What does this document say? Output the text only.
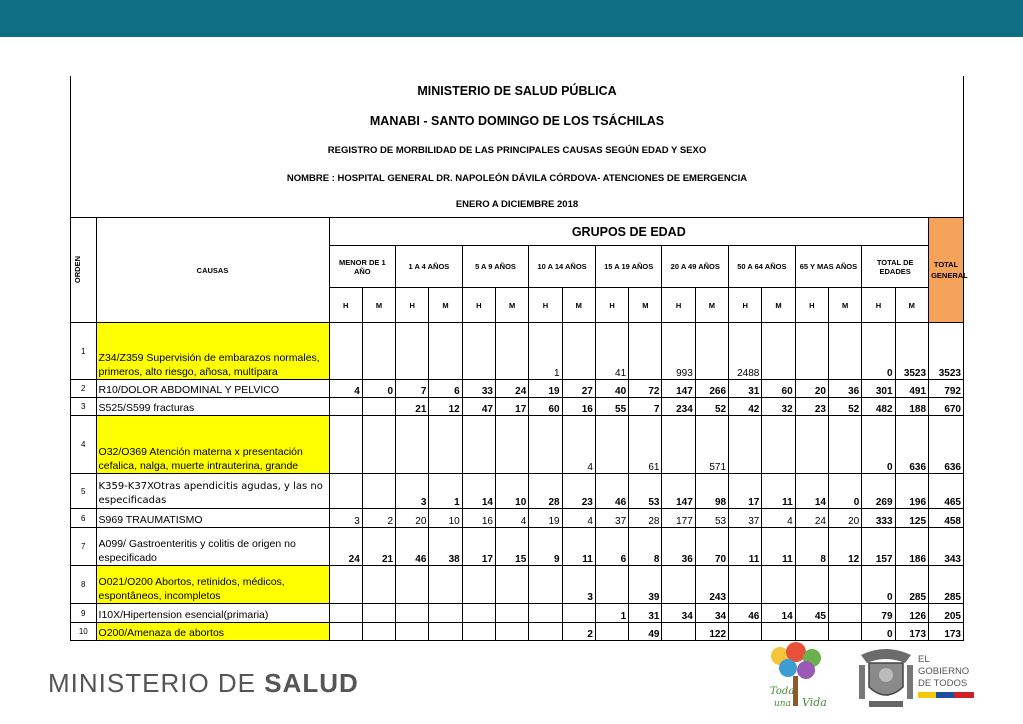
MINISTERIO DE SALUD PÚBLICA
MANABI - SANTO DOMINGO DE LOS TSÁCHILAS
REGISTRO DE MORBILIDAD DE LAS PRINCIPALES CAUSAS SEGÚN EDAD Y SEXO
NOMBRE : HOSPITAL GENERAL DR. NAPOLEÓN DÁVILA CÓRDOVA- ATENCIONES DE EMERGENCIA
ENERO A DICIEMBRE 2018
ORDEN	CAUSAS	GRUPOS DE EDAD																		TOTAL GENERAL
		MENOR DE 1 AÑO		1 A 4 AÑOS		5 A 9 AÑOS		10 A 14 AÑOS		15 A 19 AÑOS		20 A 49 AÑOS		50 A 64 AÑOS		65 Y MAS AÑOS		TOTAL DE EDADES		
		H	M	H	M	H	M	H	M	H	M	H	M	H	M	H	M	H	M	
1	Z34/Z359 Supervisión de embarazos normales, primeros, alto riesgo, añosa, multípara							1		41		993		2488				0	3523	3523
2	R10/DOLOR ABDOMINAL Y PELVICO	4	0	7	6	33	24	19	27	40	72	147	266	31	60	20	36	301	491	792
3	S525/S599 fracturas			21	12	47	17	60	16	55	7	234	52	42	32	23	52	482	188	670
4	O32/O369 Atención materna x presentación cefalica, nalga, muerte intrauterina, grande								4		61		571					0	636	636
5	K359-K37XOtras apendicitis agudas, y las no especificadas			3	1	14	10	28	23	46	53	147	98	17	11	14	0	269	196	465
6	S969 TRAUMATISMO	3	2	20	10	16	4	19	4	37	28	177	53	37	4	24	20	333	125	458
7	A099/ Gastroenteritis y colitis de origen no especificado	24	21	46	38	17	15	9	11	6	8	36	70	11	11	8	12	157	186	343
8	O021/O200 Abortos, retinidos, médicos, espontâneos, incompletos								3		39		243					0	285	285
9	I10X/Hipertension esencial(primaria)									1	31	34	34	46	14	45		79	126	205
10	O200/Amenaza de abortos								2		49		122					0	173	173
MINISTERIO DE SALUD	Toda
una Vida
EL
GOBIERNO
DE TODOS
